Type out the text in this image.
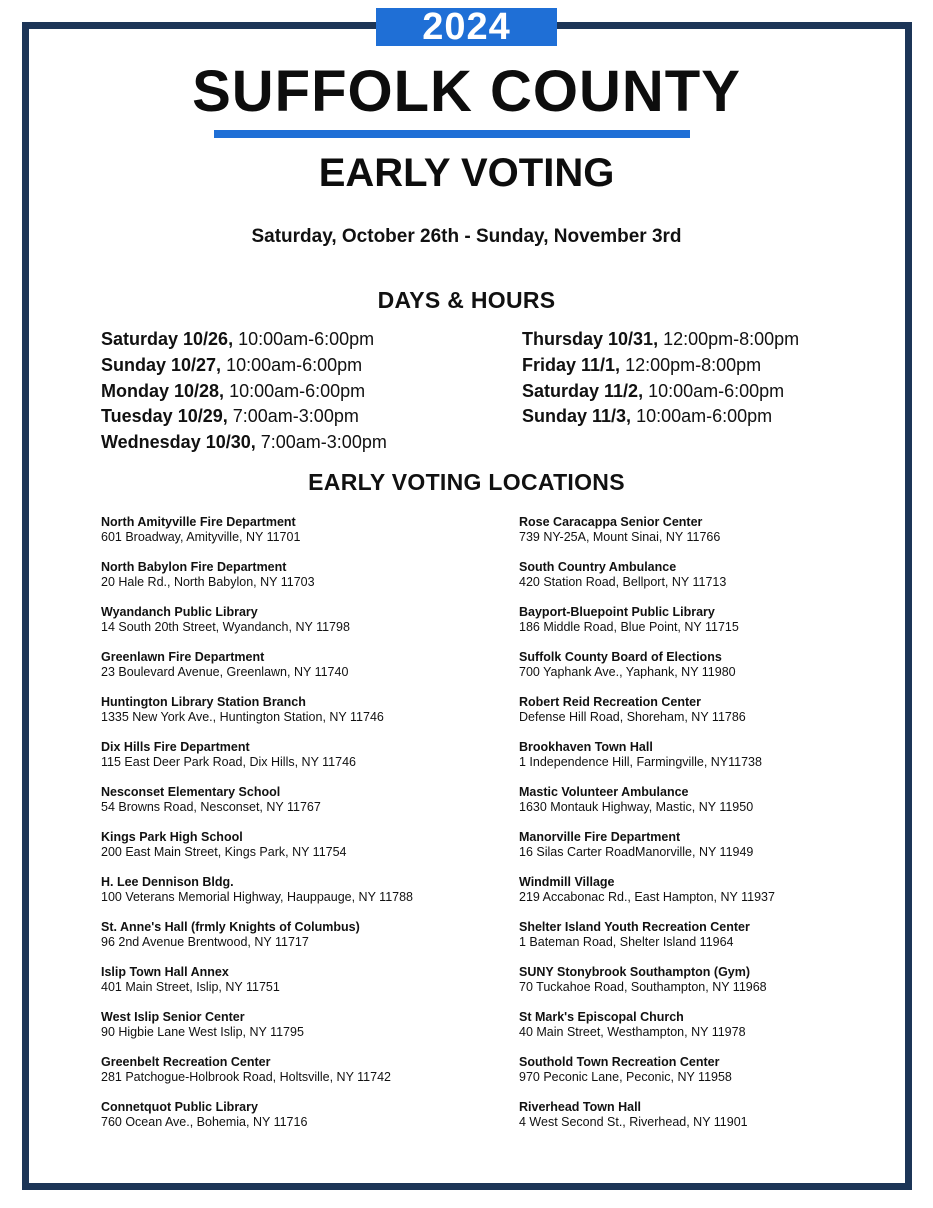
2024
SUFFOLK COUNTY
EARLY VOTING
Saturday, October 26th - Sunday, November 3rd
DAYS & HOURS
Saturday 10/26, 10:00am-6:00pm
Sunday 10/27, 10:00am-6:00pm
Monday 10/28, 10:00am-6:00pm
Tuesday 10/29, 7:00am-3:00pm
Wednesday 10/30, 7:00am-3:00pm
Thursday 10/31, 12:00pm-8:00pm
Friday 11/1, 12:00pm-8:00pm
Saturday 11/2, 10:00am-6:00pm
Sunday 11/3, 10:00am-6:00pm
EARLY VOTING LOCATIONS
North Amityville Fire Department
601 Broadway, Amityville, NY 11701
North Babylon Fire Department
20 Hale Rd., North Babylon, NY 11703
Wyandanch Public Library
14 South 20th Street, Wyandanch, NY 11798
Greenlawn Fire Department
23 Boulevard Avenue, Greenlawn, NY 11740
Huntington Library Station Branch
1335 New York Ave., Huntington Station, NY 11746
Dix Hills Fire Department
115 East Deer Park Road, Dix Hills, NY 11746
Nesconset Elementary School
54 Browns Road, Nesconset, NY 11767
Kings Park High School
200 East Main Street, Kings Park, NY 11754
H. Lee Dennison Bldg.
100 Veterans Memorial Highway, Hauppauge, NY 11788
St. Anne's Hall (frmly Knights of Columbus)
96 2nd Avenue Brentwood, NY 11717
Islip Town Hall Annex
401 Main Street, Islip, NY 11751
West Islip Senior Center
90 Higbie Lane West Islip, NY 11795
Greenbelt Recreation Center
281 Patchogue-Holbrook Road, Holtsville, NY 11742
Connetquot Public Library
760 Ocean Ave., Bohemia, NY 11716
Rose Caracappa Senior Center
739 NY-25A, Mount Sinai, NY 11766
South Country Ambulance
420 Station Road, Bellport, NY 11713
Bayport-Bluepoint Public Library
186 Middle Road, Blue Point, NY 11715
Suffolk County Board of Elections
700 Yaphank Ave., Yaphank, NY 11980
Robert Reid Recreation Center
Defense Hill Road, Shoreham, NY 11786
Brookhaven Town Hall
1 Independence Hill, Farmingville, NY11738
Mastic Volunteer Ambulance
1630 Montauk Highway, Mastic, NY 11950
Manorville Fire Department
16 Silas Carter RoadManorville, NY 11949
Windmill Village
219 Accabonac Rd., East Hampton, NY 11937
Shelter Island Youth Recreation Center
1 Bateman Road, Shelter Island 11964
SUNY Stonybrook Southampton (Gym)
70 Tuckahoe Road, Southampton, NY 11968
St Mark's Episcopal Church
40 Main Street, Westhampton, NY 11978
Southold Town Recreation Center
970 Peconic Lane, Peconic, NY 11958
Riverhead Town Hall
4 West Second St., Riverhead, NY 11901
